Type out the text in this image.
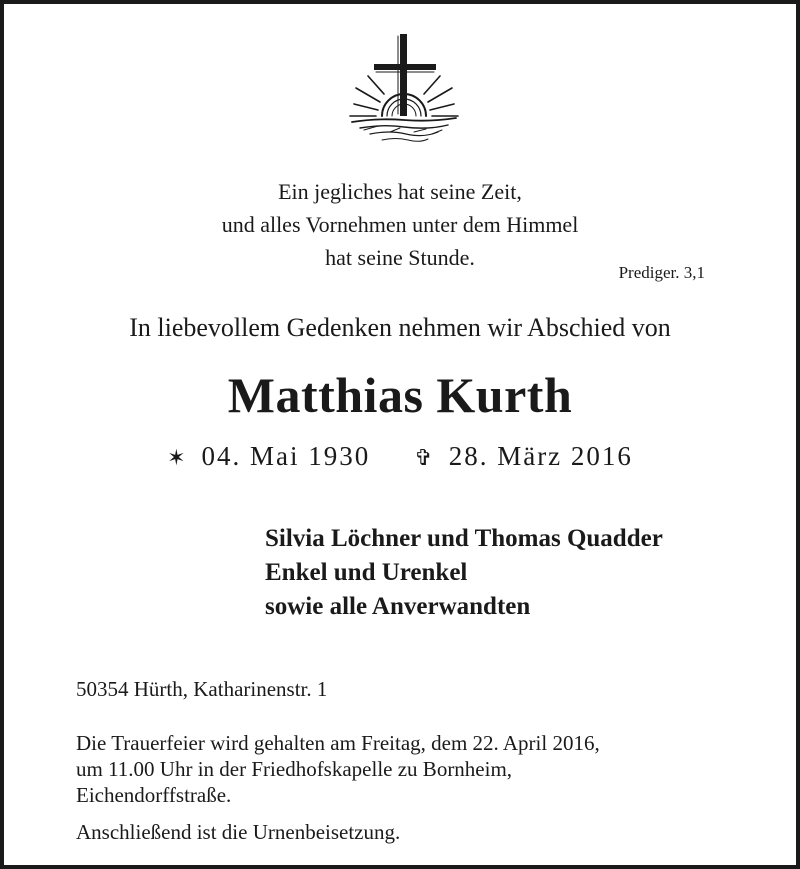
Ein jegliches hat seine Zeit,
und alles Vornehmen unter dem Himmel
hat seine Stunde.
Prediger. 3,1
In liebevollem Gedenken nehmen wir Abschied von
Matthias Kurth
✶ 04. Mai 1930 ✞ 28. März 2016
Silvia Löchner und Thomas Quadder
Enkel und Urenkel
sowie alle Anverwandten
50354 Hürth, Katharinenstr. 1
Die Trauerfeier wird gehalten am Freitag, dem 22. April 2016,
um 11.00 Uhr in der Friedhofskapelle zu Bornheim,
Eichendorffstraße.
Anschließend ist die Urnenbeisetzung.
